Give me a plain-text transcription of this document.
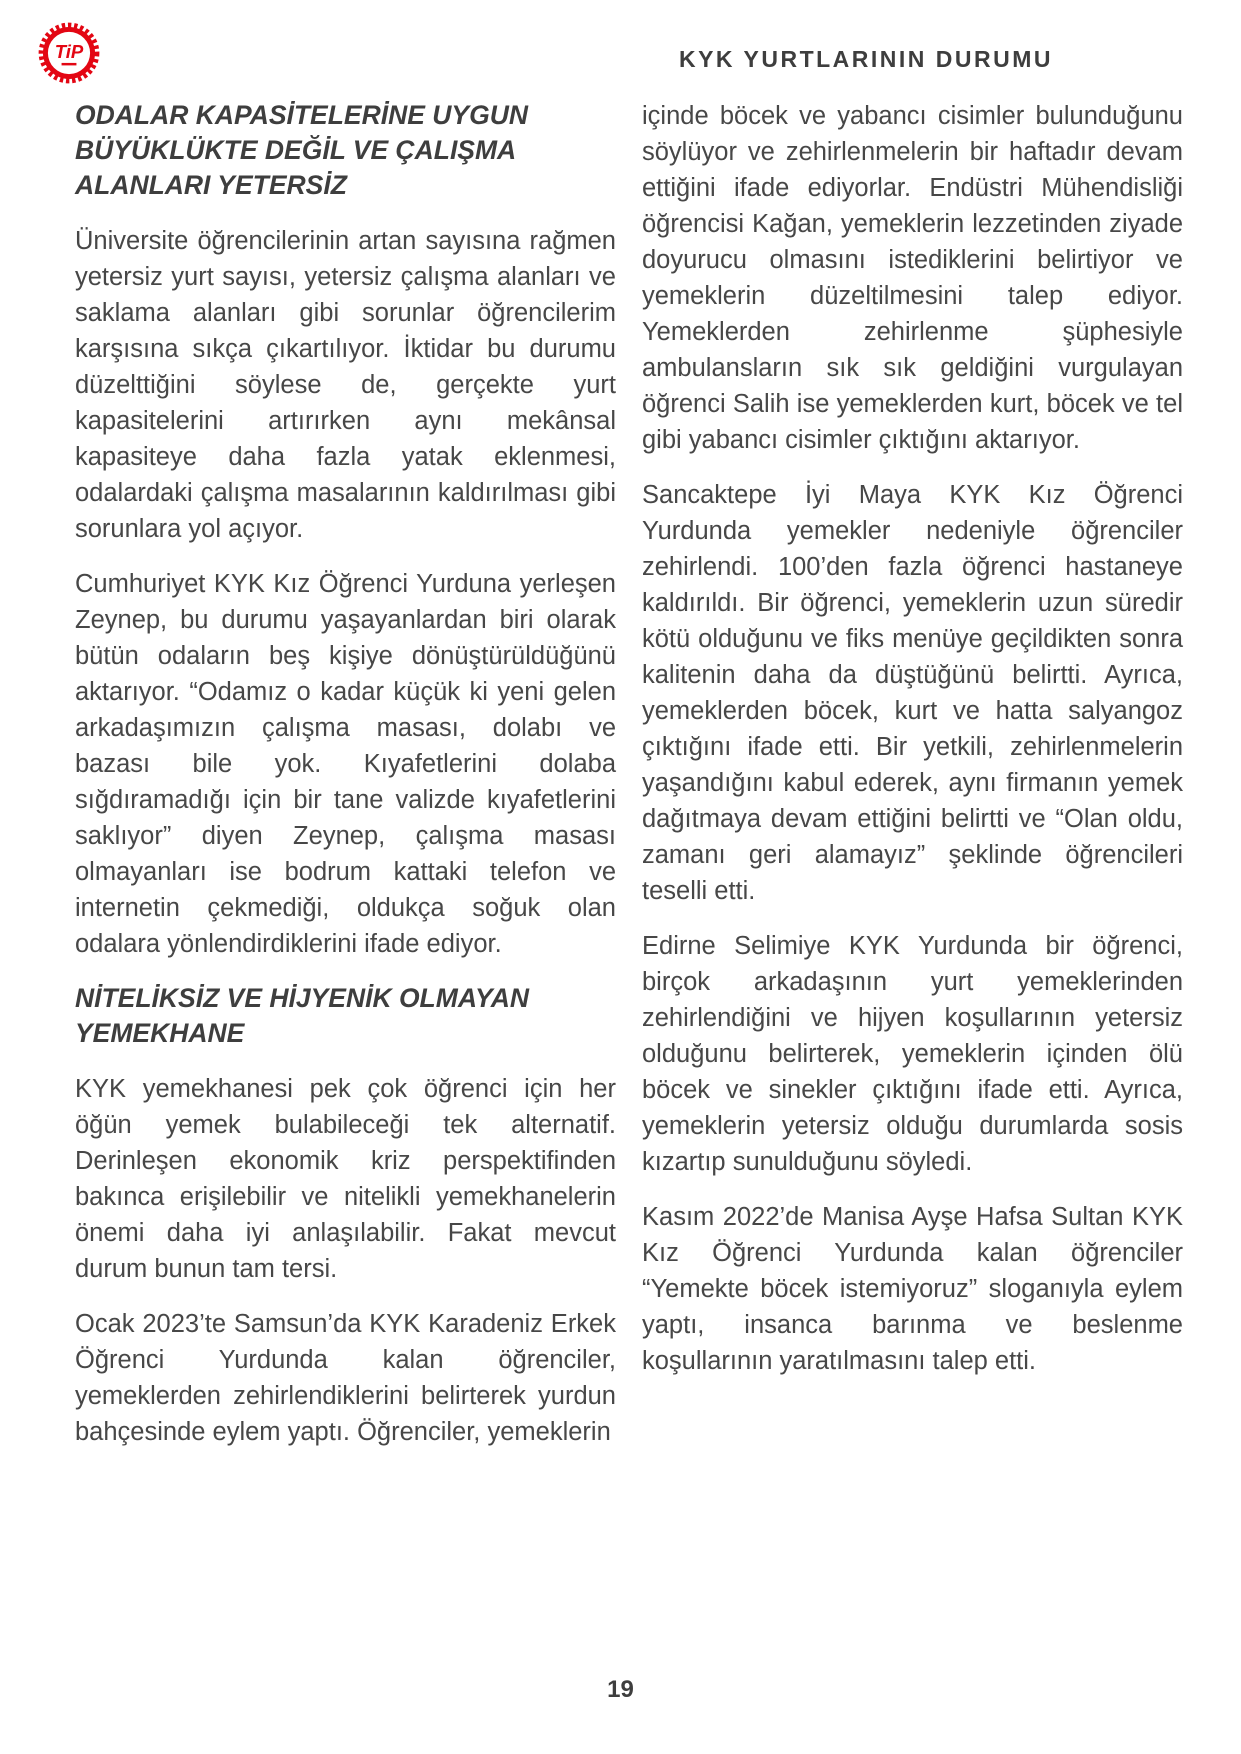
TiP	KYK YURTLARININ DURUMU
ODALAR KAPASİTELERİNE UYGUN BÜYÜKLÜKTE DEĞİL VE ÇALIŞMA ALANLARI YETERSİZ

Üniversite öğrencilerinin artan sayısına rağmen yetersiz yurt sayısı, yetersiz çalışma alanları ve saklama alanları gibi sorunlar öğrencilerim karşısına sıkça çıkartılıyor. İktidar bu durumu düzelttiğini söylese de, gerçekte yurt kapasitelerini artırırken aynı mekânsal kapasiteye daha fazla yatak eklenmesi, odalardaki çalışma masalarının kaldırılması gibi sorunlara yol açıyor.

Cumhuriyet KYK Kız Öğrenci Yurduna yerleşen Zeynep, bu durumu yaşayanlardan biri olarak bütün odaların beş kişiye dönüştürüldüğünü aktarıyor. “Odamız o kadar küçük ki yeni gelen arkadaşımızın çalışma masası, dolabı ve bazası bile yok. Kıyafetlerini dolaba sığdıramadığı için bir tane valizde kıyafetlerini saklıyor” diyen Zeynep, çalışma masası olmayanları ise bodrum kattaki telefon ve internetin çekmediği, oldukça soğuk olan odalara yönlendirdiklerini ifade ediyor.

NİTELİKSİZ VE HİJYENİK OLMAYAN YEMEKHANE

KYK yemekhanesi pek çok öğrenci için her öğün yemek bulabileceği tek alternatif. Derinleşen ekonomik kriz perspektifinden bakınca erişilebilir ve nitelikli yemekhanelerin önemi daha iyi anlaşılabilir. Fakat mevcut durum bunun tam tersi.

Ocak 2023’te Samsun’da KYK Karadeniz Erkek Öğrenci Yurdunda kalan öğrenciler, yemeklerden zehirlendiklerini belirterek yurdun bahçesinde eylem yaptı. Öğrenciler, yemeklerin

içinde böcek ve yabancı cisimler bulunduğunu söylüyor ve zehirlenmelerin bir haftadır devam ettiğini ifade ediyorlar. Endüstri Mühendisliği öğrencisi Kağan, yemeklerin lezzetinden ziyade doyurucu olmasını istediklerini belirtiyor ve yemeklerin düzeltilmesini talep ediyor. Yemeklerden zehirlenme şüphesiyle ambulansların sık sık geldiğini vurgulayan öğrenci Salih ise yemeklerden kurt, böcek ve tel gibi yabancı cisimler çıktığını aktarıyor.

Sancaktepe İyi Maya KYK Kız Öğrenci Yurdunda yemekler nedeniyle öğrenciler zehirlendi. 100’den fazla öğrenci hastaneye kaldırıldı. Bir öğrenci, yemeklerin uzun süredir kötü olduğunu ve fiks menüye geçildikten sonra kalitenin daha da düştüğünü belirtti. Ayrıca, yemeklerden böcek, kurt ve hatta salyangoz çıktığını ifade etti. Bir yetkili, zehirlenmelerin yaşandığını kabul ederek, aynı firmanın yemek dağıtmaya devam ettiğini belirtti ve “Olan oldu, zamanı geri alamayız” şeklinde öğrencileri teselli etti.

Edirne Selimiye KYK Yurdunda bir öğrenci, birçok arkadaşının yurt yemeklerinden zehirlendiğini ve hijyen koşullarının yetersiz olduğunu belirterek, yemeklerin içinden ölü böcek ve sinekler çıktığını ifade etti. Ayrıca, yemeklerin yetersiz olduğu durumlarda sosis kızartıp sunulduğunu söyledi.

Kasım 2022’de Manisa Ayşe Hafsa Sultan KYK Kız Öğrenci Yurdunda kalan öğrenciler “Yemekte böcek istemiyoruz” sloganıyla eylem yaptı, insanca barınma ve beslenme koşullarının yaratılmasını talep etti.

19
